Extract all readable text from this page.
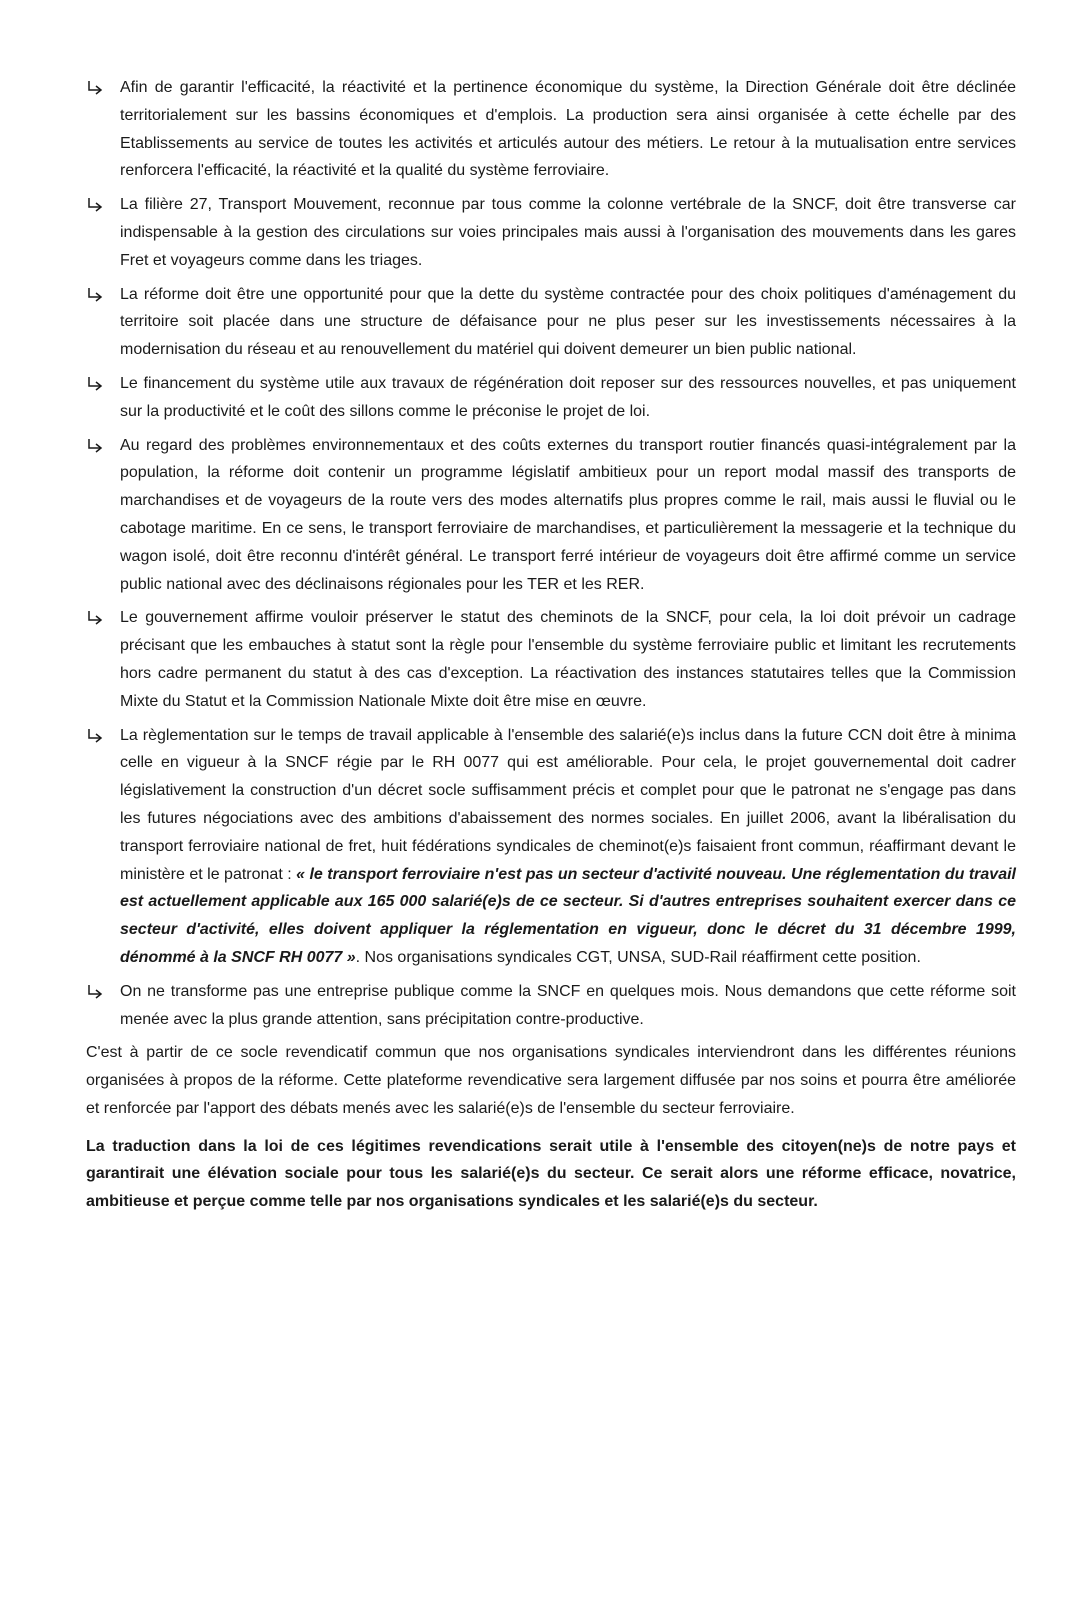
Afin de garantir l'efficacité, la réactivité et la pertinence économique du système, la Direction Générale doit être déclinée territorialement sur les bassins économiques et d'emplois. La production sera ainsi organisée à cette échelle par des Etablissements au service de toutes les activités et articulés autour des métiers. Le retour à la mutualisation entre services renforcera l'efficacité, la réactivité et la qualité du système ferroviaire.
La filière 27, Transport Mouvement, reconnue par tous comme la colonne vertébrale de la SNCF, doit être transverse car indispensable à la gestion des circulations sur voies principales mais aussi à l'organisation des mouvements dans les gares Fret et voyageurs comme dans les triages.
La réforme doit être une opportunité pour que la dette du système contractée pour des choix politiques d'aménagement du territoire soit placée dans une structure de défaisance pour ne plus peser sur les investissements nécessaires à la modernisation du réseau et au renouvellement du matériel qui doivent demeurer un bien public national.
Le financement du système utile aux travaux de régénération doit reposer sur des ressources nouvelles, et pas uniquement sur la productivité et le coût des sillons comme le préconise le projet de loi.
Au regard des problèmes environnementaux et des coûts externes du transport routier financés quasi-intégralement par la population, la réforme doit contenir un programme législatif ambitieux pour un report modal massif des transports de marchandises et de voyageurs de la route vers des modes alternatifs plus propres comme le rail, mais aussi le fluvial ou le cabotage maritime. En ce sens, le transport ferroviaire de marchandises, et particulièrement la messagerie et la technique du wagon isolé, doit être reconnu d'intérêt général. Le transport ferré intérieur de voyageurs doit être affirmé comme un service public national avec des déclinaisons régionales pour les TER et les RER.
Le gouvernement affirme vouloir préserver le statut des cheminots de la SNCF, pour cela, la loi doit prévoir un cadrage précisant que les embauches à statut sont la règle pour l'ensemble du système ferroviaire public et limitant les recrutements hors cadre permanent du statut à des cas d'exception. La réactivation des instances statutaires telles que la Commission Mixte du Statut et la Commission Nationale Mixte doit être mise en œuvre.
La règlementation sur le temps de travail applicable à l'ensemble des salarié(e)s inclus dans la future CCN doit être à minima celle en vigueur à la SNCF régie par le RH 0077 qui est améliorable. Pour cela, le projet gouvernemental doit cadrer législativement la construction d'un décret socle suffisamment précis et complet pour que le patronat ne s'engage pas dans les futures négociations avec des ambitions d'abaissement des normes sociales. En juillet 2006, avant la libéralisation du transport ferroviaire national de fret, huit fédérations syndicales de cheminot(e)s faisaient front commun, réaffirmant devant le ministère et le patronat : « le transport ferroviaire n'est pas un secteur d'activité nouveau. Une réglementation du travail est actuellement applicable aux 165 000 salarié(e)s de ce secteur. Si d'autres entreprises souhaitent exercer dans ce secteur d'activité, elles doivent appliquer la réglementation en vigueur, donc le décret du 31 décembre 1999, dénommé à la SNCF RH 0077 ». Nos organisations syndicales CGT, UNSA, SUD-Rail réaffirment cette position.
On ne transforme pas une entreprise publique comme la SNCF en quelques mois. Nous demandons que cette réforme soit menée avec la plus grande attention, sans précipitation contre-productive.

C'est à partir de ce socle revendicatif commun que nos organisations syndicales interviendront dans les différentes réunions organisées à propos de la réforme. Cette plateforme revendicative sera largement diffusée par nos soins et pourra être améliorée et renforcée par l'apport des débats menés avec les salarié(e)s de l'ensemble du secteur ferroviaire.

La traduction dans la loi de ces légitimes revendications serait utile à l'ensemble des citoyen(ne)s de notre pays et garantirait une élévation sociale pour tous les salarié(e)s du secteur. Ce serait alors une réforme efficace, novatrice, ambitieuse et perçue comme telle par nos organisations syndicales et les salarié(e)s du secteur.
